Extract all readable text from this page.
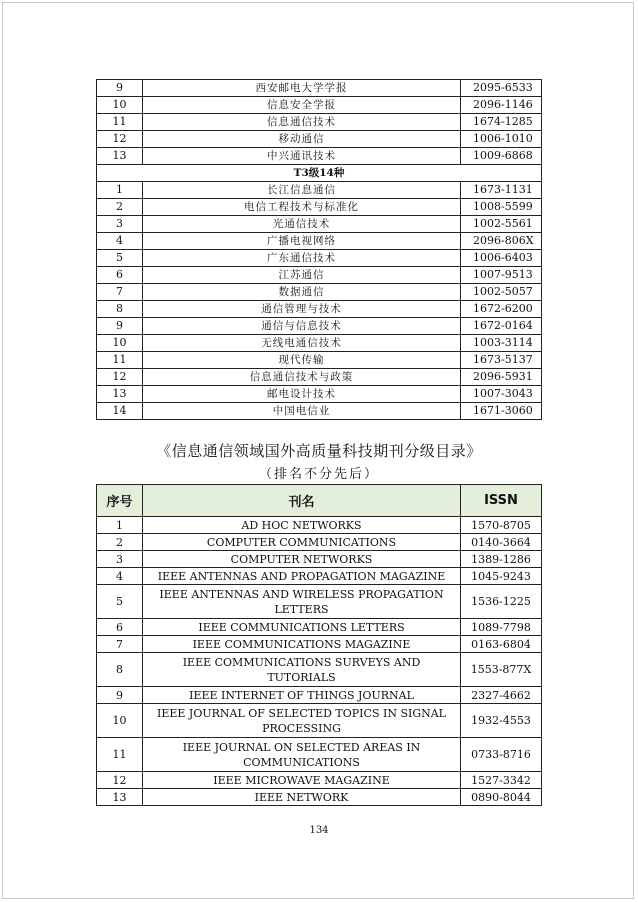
9	西安邮电大学学报	2095-6533
10	信息安全学报	2096-1146
11	信息通信技术	1674-1285
12	移动通信	1006-1010
13	中兴通讯技术	1009-6868
T3级14种		
1	长江信息通信	1673-1131
2	电信工程技术与标准化	1008-5599
3	光通信技术	1002-5561
4	广播电视网络	2096-806X
5	广东通信技术	1006-6403
6	江苏通信	1007-9513
7	数据通信	1002-5057
8	通信管理与技术	1672-6200
9	通信与信息技术	1672-0164
10	无线电通信技术	1003-3114
11	现代传输	1673-5137
12	信息通信技术与政策	2096-5931
13	邮电设计技术	1007-3043
14	中国电信业	1671-3060
《信息通信领域国外高质量科技期刊分级目录》
（排名不分先后）
序号	刊名	ISSN
1	AD HOC NETWORKS	1570-8705
2	COMPUTER COMMUNICATIONS	0140-3664
3	COMPUTER NETWORKS	1389-1286
4	IEEE ANTENNAS AND PROPAGATION MAGAZINE	1045-9243
5	IEEE ANTENNAS AND WIRELESS PROPAGATION LETTERS	1536-1225
6	IEEE COMMUNICATIONS LETTERS	1089-7798
7	IEEE COMMUNICATIONS MAGAZINE	0163-6804
8	IEEE COMMUNICATIONS SURVEYS AND TUTORIALS	1553-877X
9	IEEE INTERNET OF THINGS JOURNAL	2327-4662
10	IEEE JOURNAL OF SELECTED TOPICS IN SIGNAL PROCESSING	1932-4553
11	IEEE JOURNAL ON SELECTED AREAS IN COMMUNICATIONS	0733-8716
12	IEEE MICROWAVE MAGAZINE	1527-3342
13	IEEE NETWORK	0890-8044
134
